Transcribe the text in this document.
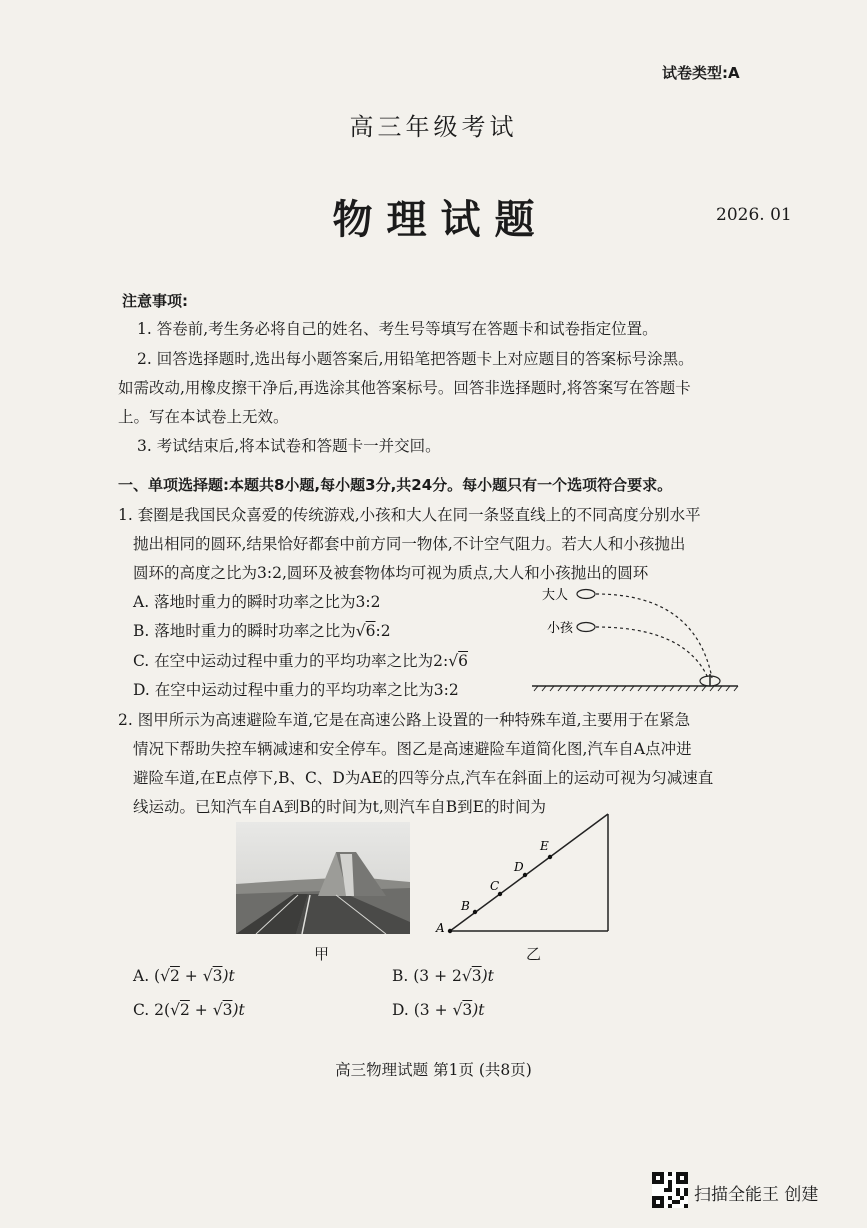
试卷类型:A
高三年级考试
物理试题	2026. 01
注意事项:
1. 答卷前,考生务必将自己的姓名、考生号等填写在答题卡和试卷指定位置。
2. 回答选择题时,选出每小题答案后,用铅笔把答题卡上对应题目的答案标号涂黑。
如需改动,用橡皮擦干净后,再选涂其他答案标号。回答非选择题时,将答案写在答题卡
上。写在本试卷上无效。
3. 考试结束后,将本试卷和答题卡一并交回。
一、单项选择题:本题共8小题,每小题3分,共24分。每小题只有一个选项符合要求。
1. 套圈是我国民众喜爱的传统游戏,小孩和大人在同一条竖直线上的不同高度分别水平
抛出相同的圆环,结果恰好都套中前方同一物体,不计空气阻力。若大人和小孩抛出
圆环的高度之比为3:2,圆环及被套物体均可视为质点,大人和小孩抛出的圆环
A. 落地时重力的瞬时功率之比为3:2
B. 落地时重力的瞬时功率之比为√6:2
C. 在空中运动过程中重力的平均功率之比为2:√6
D. 在空中运动过程中重力的平均功率之比为3:2
大人
小孩
2. 图甲所示为高速避险车道,它是在高速公路上设置的一种特殊车道,主要用于在紧急
情况下帮助失控车辆减速和安全停车。图乙是高速避险车道简化图,汽车自A点冲进
避险车道,在E点停下,B、C、D为AE的四等分点,汽车在斜面上的运动可视为匀减速直
线运动。已知汽车自A到B的时间为t,则汽车自B到E的时间为
甲
A
B
C
D
E
乙
A. (√2 + √3)t	B. (3 + 2√3)t
C. 2(√2 + √3)t	D. (3 + √3)t
高三物理试题 第1页 (共8页)
扫描全能王 创建
